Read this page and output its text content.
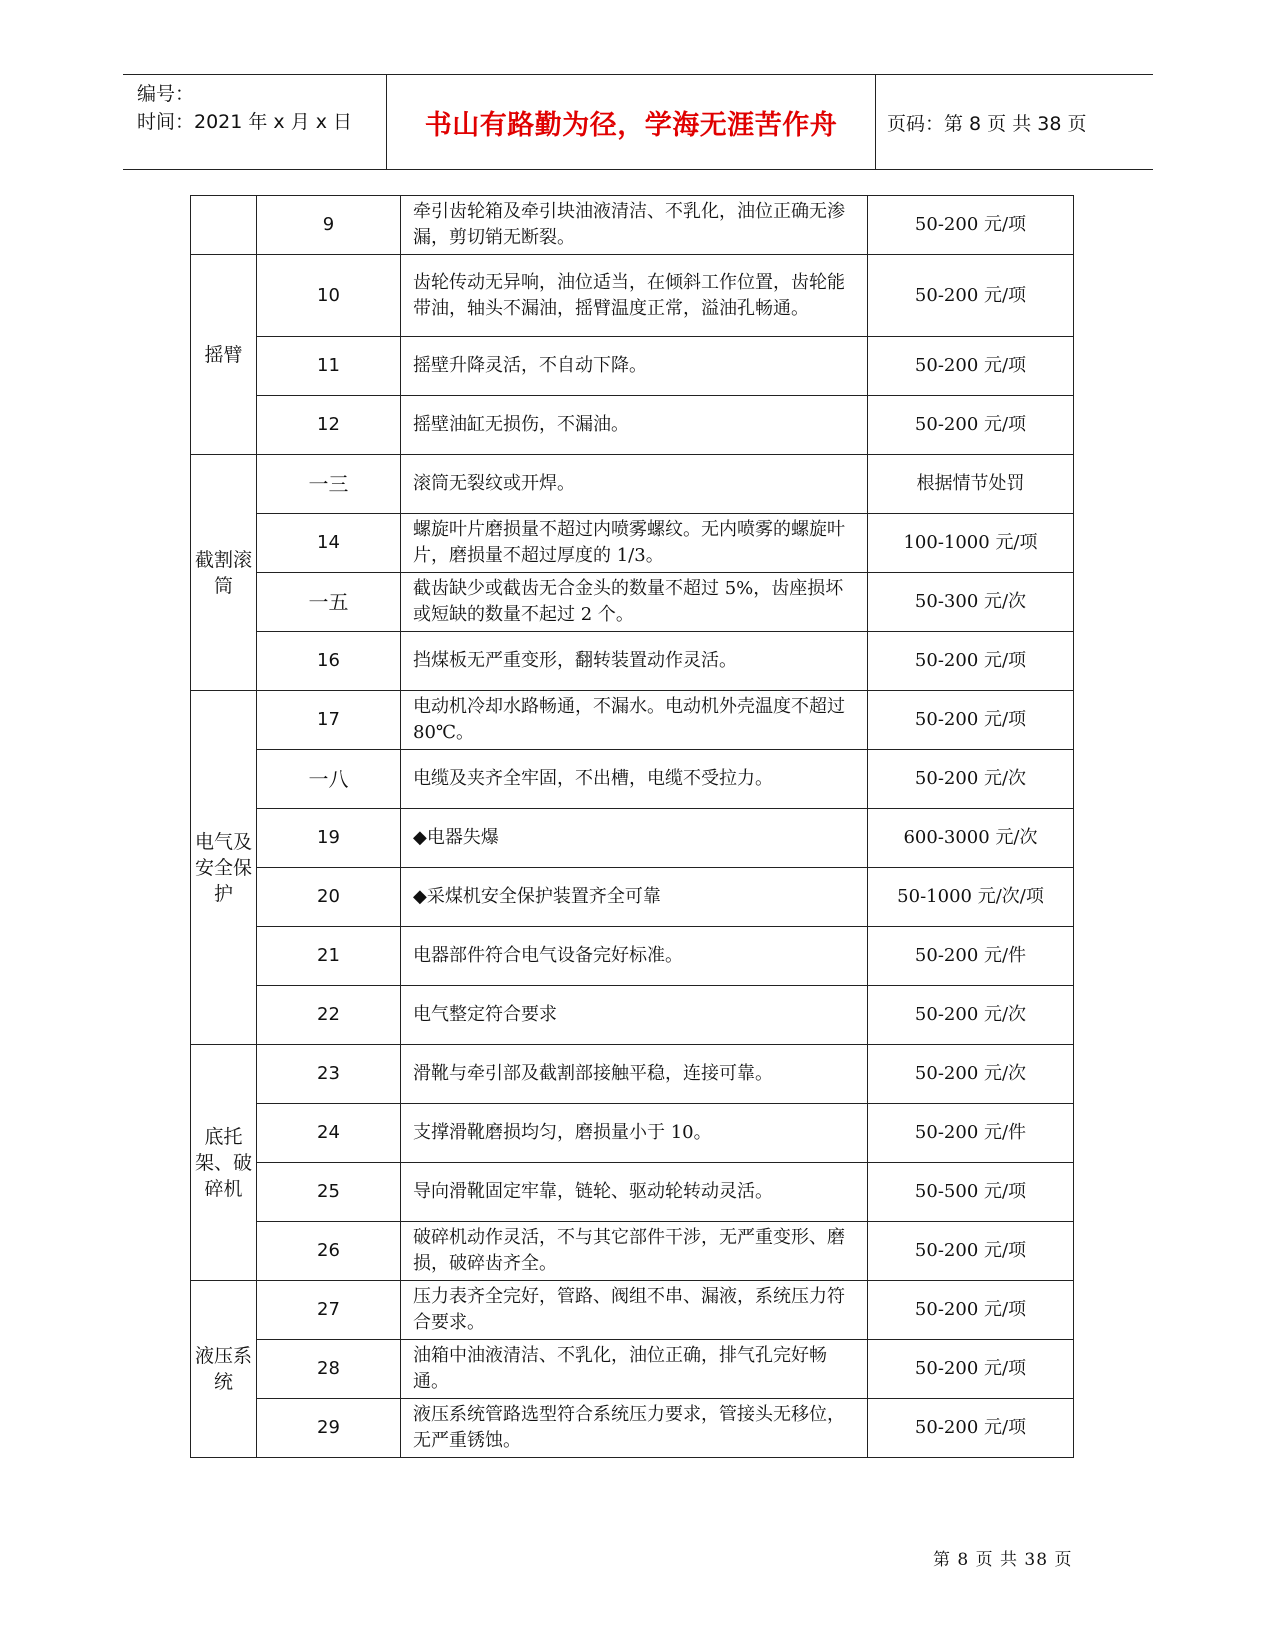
编号：
时间：2021 年 x 月 x 日	书山有路勤为径，学海无涯苦作舟	页码：第 8 页 共 38 页
	9	牵引齿轮箱及牵引块油液清洁、不乳化，油位正确无渗漏，剪切销无断裂。	50-200 元/项
摇臂	10	齿轮传动无异响，油位适当，在倾斜工作位置，齿轮能带油，轴头不漏油，摇臂温度正常，溢油孔畅通。	50-200 元/项
	11	摇壁升降灵活，不自动下降。	50-200 元/项
	12	摇壁油缸无损伤，不漏油。	50-200 元/项
截割滚筒	一三	滚筒无裂纹或开焊。	根据情节处罚
	14	螺旋叶片磨损量不超过内喷雾螺纹。无内喷雾的螺旋叶片，磨损量不超过厚度的 1/3。	100-1000 元/项
	一五	截齿缺少或截齿无合金头的数量不超过 5%，齿座损坏或短缺的数量不起过 2 个。	50-300 元/次
	16	挡煤板无严重变形，翻转装置动作灵活。	50-200 元/项
电气及安全保护	17	电动机冷却水路畅通，不漏水。电动机外壳温度不超过 80℃。	50-200 元/项
	一八	电缆及夹齐全牢固，不出槽，电缆不受拉力。	50-200 元/次
	19	◆电器失爆	600-3000 元/次
	20	◆采煤机安全保护装置齐全可靠	50-1000 元/次/项
	21	电器部件符合电气设备完好标准。	50-200 元/件
	22	电气整定符合要求	50-200 元/次
底托架、破碎机	23	滑靴与牵引部及截割部接触平稳，连接可靠。	50-200 元/次
	24	支撑滑靴磨损均匀，磨损量小于 10。	50-200 元/件
	25	导向滑靴固定牢靠，链轮、驱动轮转动灵活。	50-500 元/项
	26	破碎机动作灵活，不与其它部件干涉，无严重变形、磨损，破碎齿齐全。	50-200 元/项
液压系统	27	压力表齐全完好，管路、阀组不串、漏液，系统压力符合要求。	50-200 元/项
	28	油箱中油液清洁、不乳化，油位正确，排气孔完好畅通。	50-200 元/项
	29	液压系统管路选型符合系统压力要求，管接头无移位，无严重锈蚀。	50-200 元/项
第 8 页 共 38 页
